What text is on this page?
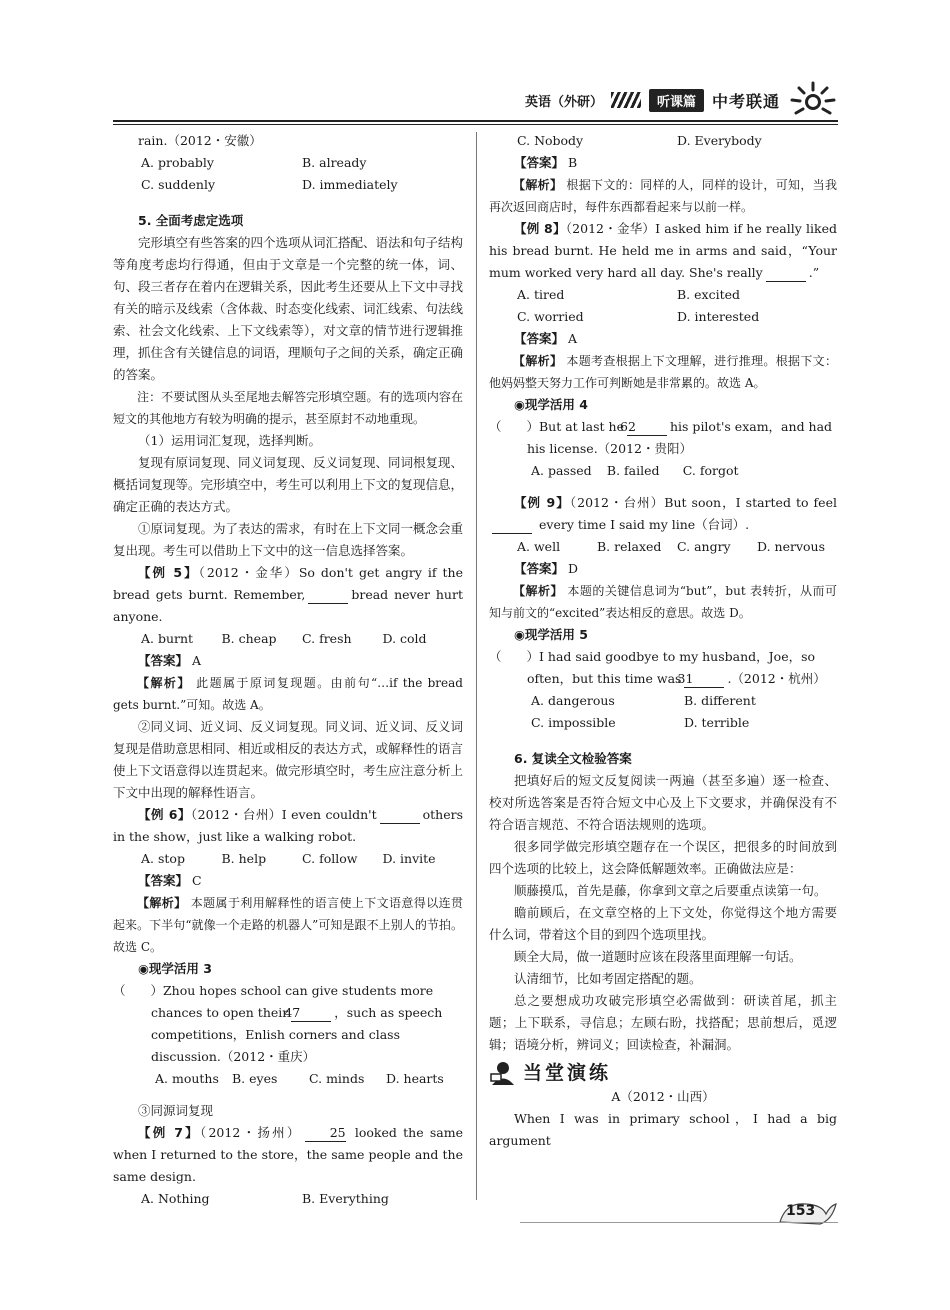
英语（外研）	听课篇	中考联通

rain.（2012・安徽）

A. probably	B. already
C. suddenly	D. immediately

5. 全面考虑定选项

完形填空有些答案的四个选项从词汇搭配、语法和句子结构等角度考虑均行得通，但由于文章是一个完整的统一体，词、句、段三者存在着内在逻辑关系，因此考生还要从上下文中寻找有关的暗示及线索（含体裁、时态变化线索、词汇线索、句法线索、社会文化线索、上下文线索等），对文章的情节进行逻辑推理，抓住含有关键信息的词语，理顺句子之间的关系，确定正确的答案。

注：不要试图从头至尾地去解答完形填空题。有的选项内容在短文的其他地方有较为明确的提示，甚至原封不动地重现。

（1）运用词汇复现，选择判断。

复现有原词复现、同义词复现、反义词复现、同词根复现、概括词复现等。完形填空中，考生可以利用上下文的复现信息，确定正确的表达方式。

①原词复现。为了表达的需求，有时在上下文同一概念会重复出现。考生可以借助上下文中的这一信息选择答案。

【例 5】（2012・金华）So don't get angry if the bread gets burnt. Remember,	bread never hurt anyone.

A. burnt	B. cheap	C. fresh	D. cold

【答案】 A

【解析】 此题属于原词复现题。由前句“…if the bread gets burnt.”可知。故选 A。

②同义词、近义词、反义词复现。同义词、近义词、反义词复现是借助意思相同、相近或相反的表达方式，或解释性的语言使上下文语意得以连贯起来。做完形填空时，考生应注意分析上下文中出现的解释性语言。

【例 6】（2012・台州）I even couldn't	others in the show，just like a walking robot.

A. stop	B. help	C. follow	D. invite

【答案】 C

【解析】 本题属于利用解释性的语言使上下文语意得以连贯起来。下半句“就像一个走路的机器人”可知是跟不上别人的节拍。故选 C。

◉现学活用 3

（　　）Zhou hopes school can give students more chances to open their47	，such as speech competitions，Enlish corners and class discussion.（2012・重庆）

A. mouths	B. eyes	C. minds	D. hearts

③同源词复现

【例 7】（2012・扬州） 25 looked the same when I returned to the store，the same people and the same design.

A. Nothing	B. Everything
C. Nobody	D. Everybody

【答案】 B

【解析】 根据下文的：同样的人，同样的设计，可知，当我再次返回商店时，每件东西都看起来与以前一样。

【例 8】（2012・金华）I asked him if he really liked his bread burnt. He held me in arms and said，“Your mum worked very hard all day. She's really	.”

A. tired	B. excited
C. worried	D. interested

【答案】 A

【解析】 本题考查根据上下文理解，进行推理。根据下文：他妈妈整天努力工作可判断她是非常累的。故选 A。

◉现学活用 4

（　　）But at last he62	his pilot's exam，and had his license.（2012・贵阳）

A. passed	B. failed	C. forgot

【例 9】（2012・台州）But soon，I started to feel  every time I said my line（台词）.

A. well	B. relaxed	C. angry	D. nervous

【答案】 D

【解析】 本题的关键信息词为“but”，but 表转折，从而可知与前文的“excited”表达相反的意思。故选 D。

◉现学活用 5

（　　）I had said goodbye to my husband，Joe，so often，but this time was31	.（2012・杭州）

A. dangerous	B. different
C. impossible	D. terrible

6. 复读全文检验答案

把填好后的短文反复阅读一两遍（甚至多遍）逐一检查、校对所选答案是否符合短文中心及上下文要求，并确保没有不符合语言规范、不符合语法规则的选项。

很多同学做完形填空题存在一个误区，把很多的时间放到四个选项的比较上，这会降低解题效率。正确做法应是：

顺藤摸瓜，首先是藤，你拿到文章之后要重点读第一句。

瞻前顾后，在文章空格的上下文处，你觉得这个地方需要什么词，带着这个目的到四个选项里找。

顾全大局，做一道题时应该在段落里面理解一句话。

认清细节，比如考固定搭配的题。

总之要想成功攻破完形填空必需做到：研读首尾，抓主题；上下联系，寻信息；左顾右盼，找搭配；思前想后，觅逻辑；语境分析，辨词义；回读检查，补漏洞。

当堂演练

A（2012・山西）

When I was in primary school，I had a big argument

153
